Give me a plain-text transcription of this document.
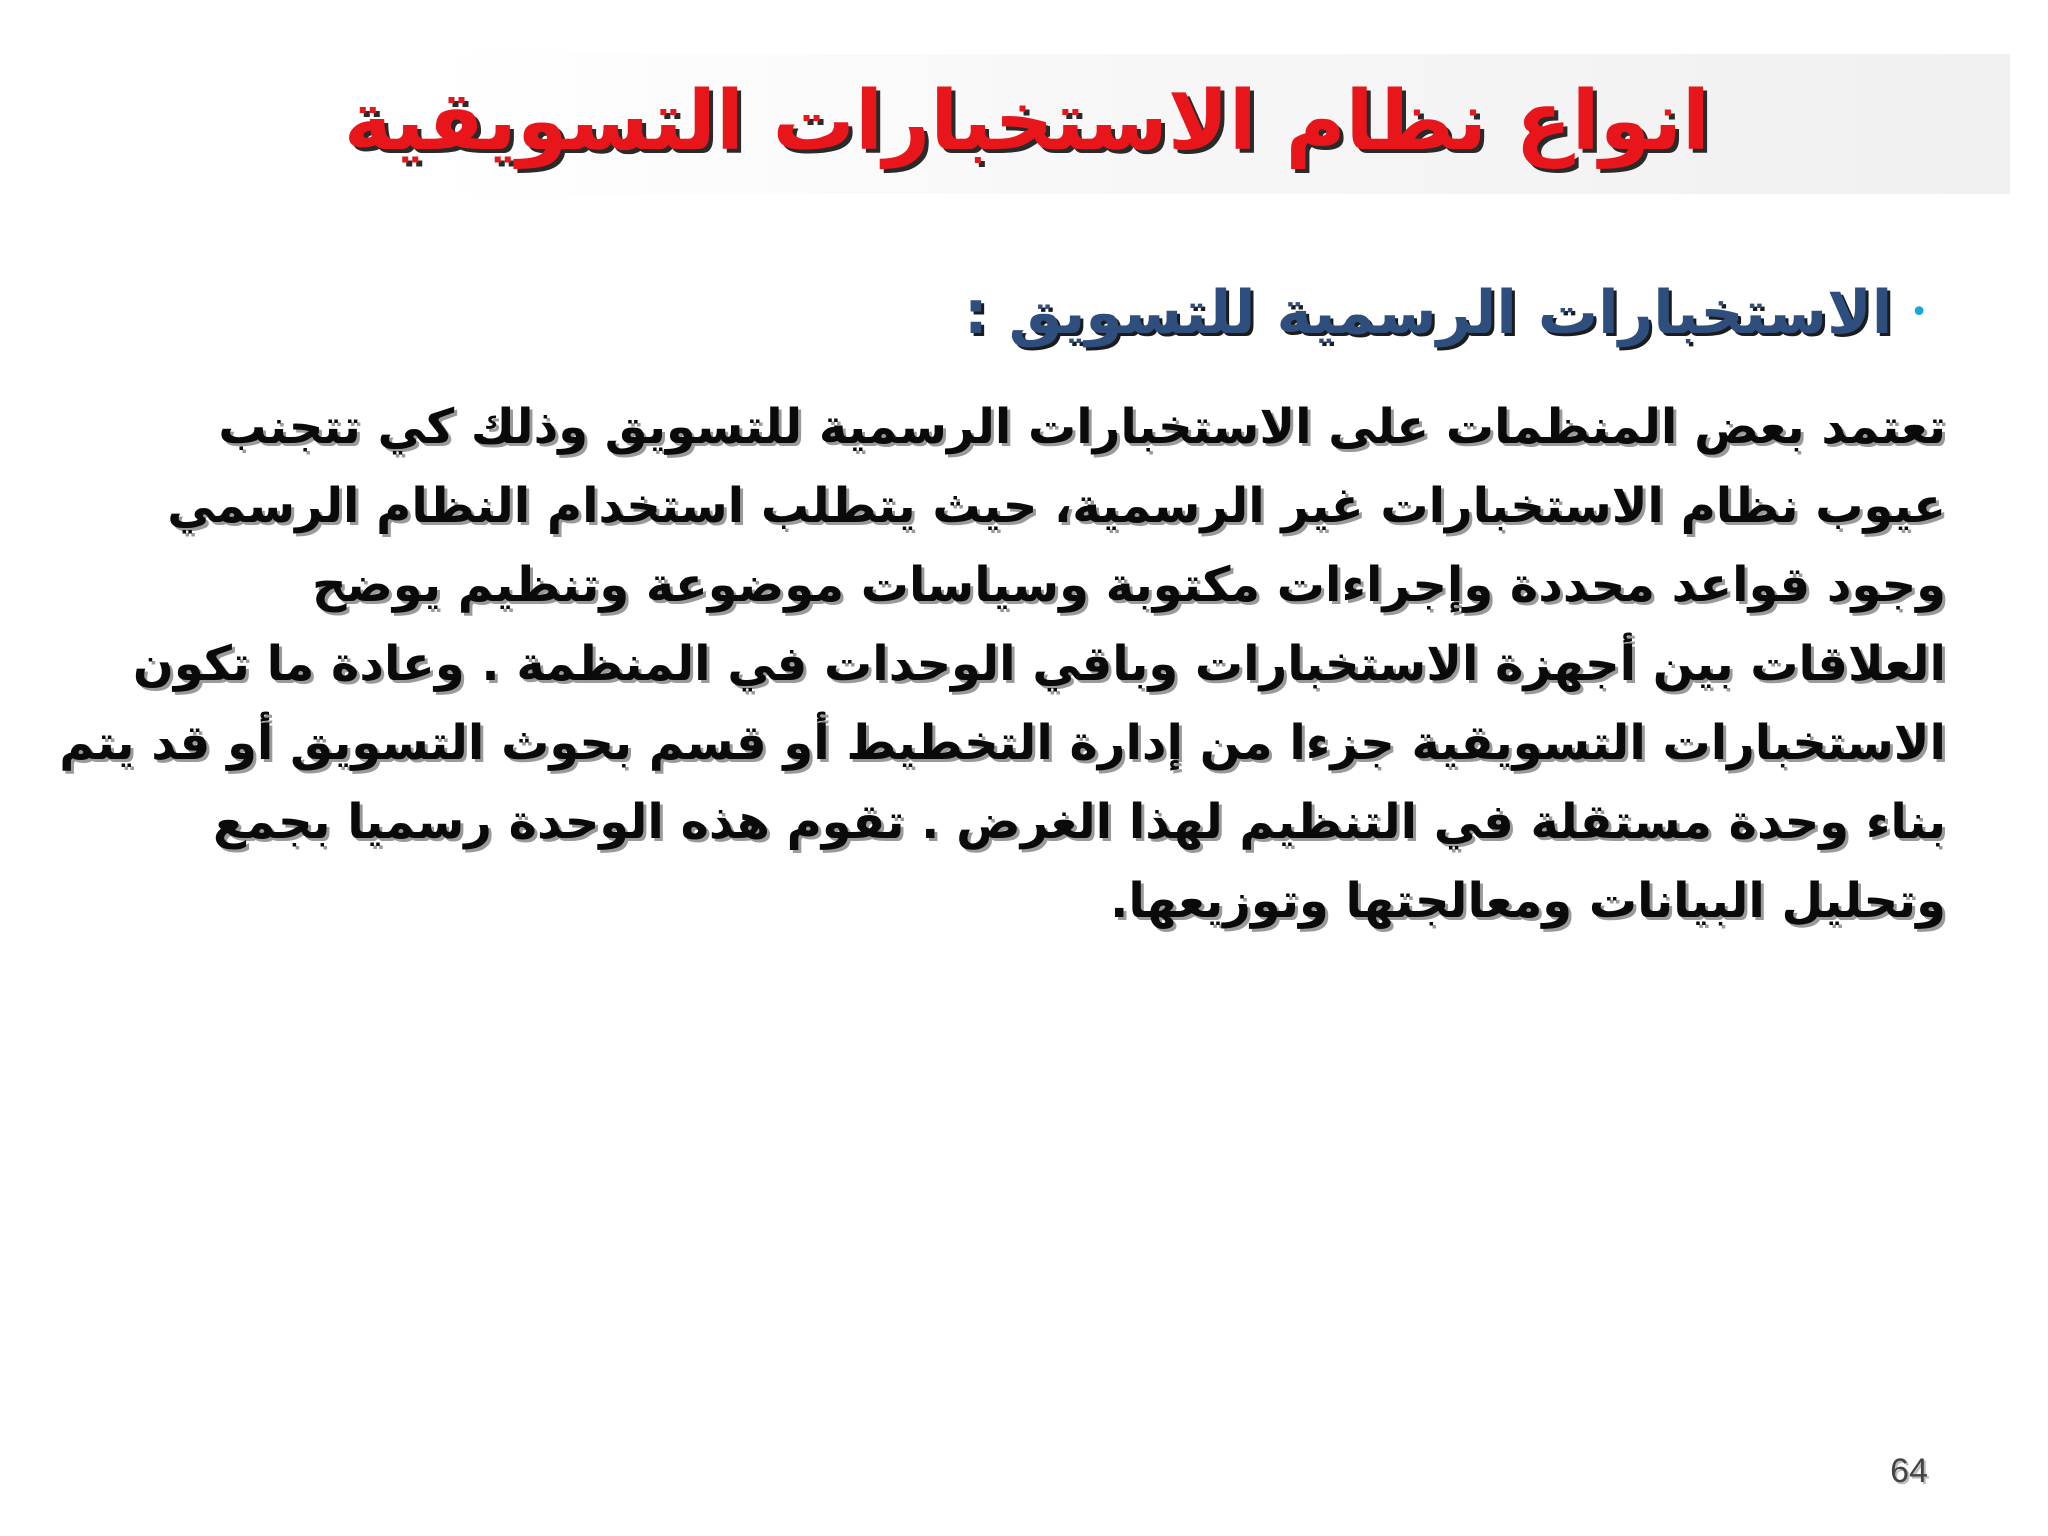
انواع نظام الاستخبارات التسويقية
•
الاستخبارات الرسمية للتسويق :
تعتمد بعض المنظمات على الاستخبارات الرسمية للتسويق وذلك كي تتجنب
عيوب نظام الاستخبارات غير الرسمية، حيث يتطلب استخدام النظام الرسمي
وجود قواعد محددة وإجراءات مكتوبة وسياسات موضوعة وتنظيم يوضح
العلاقات بين أجهزة الاستخبارات وباقي الوحدات في المنظمة . وعادة ما تكون
الاستخبارات التسويقية جزءا من إدارة التخطيط أو قسم بحوث التسويق أو قد يتم
بناء وحدة مستقلة في التنظيم لهذا الغرض . تقوم هذه الوحدة رسميا بجمع
وتحليل البيانات ومعالجتها وتوزيعها.
64
